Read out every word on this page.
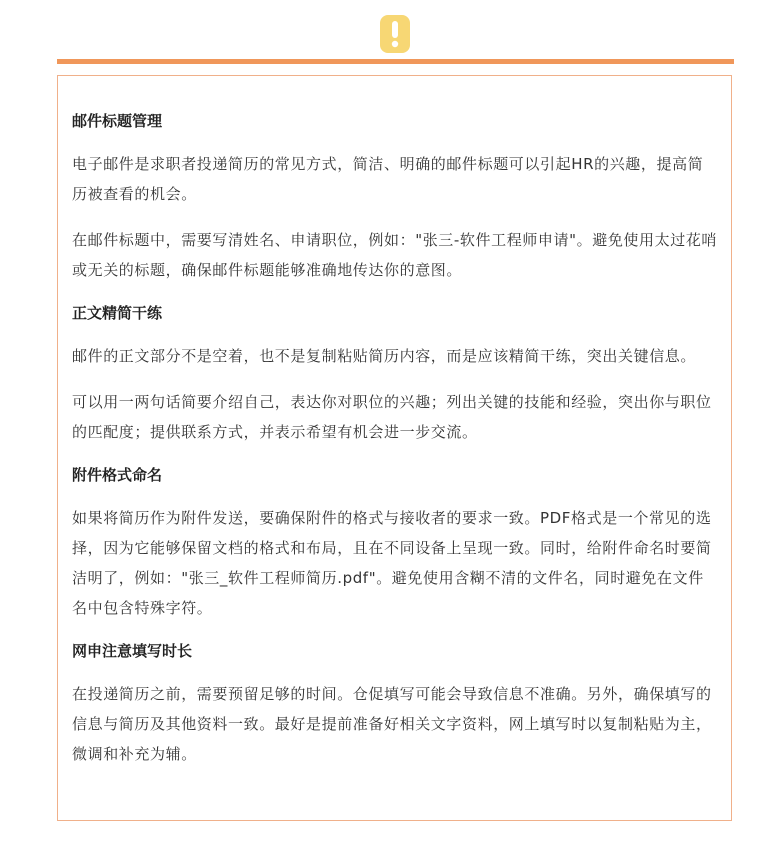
邮件标题管理

电子邮件是求职者投递简历的常见方式，简洁、明确的邮件标题可以引起HR的兴趣，提高简历被查看的机会。

在邮件标题中，需要写清姓名、申请职位，例如："张三-软件工程师申请"。避免使用太过花哨或无关的标题，确保邮件标题能够准确地传达你的意图。

正文精简干练

邮件的正文部分不是空着，也不是复制粘贴简历内容，而是应该精简干练，突出关键信息。

可以用一两句话简要介绍自己，表达你对职位的兴趣；列出关键的技能和经验，突出你与职位的匹配度；提供联系方式，并表示希望有机会进一步交流。

附件格式命名

如果将简历作为附件发送，要确保附件的格式与接收者的要求一致。PDF格式是一个常见的选择，因为它能够保留文档的格式和布局，且在不同设备上呈现一致。同时，给附件命名时要简洁明了，例如："张三_软件工程师简历.pdf"。避免使用含糊不清的文件名，同时避免在文件名中包含特殊字符。

网申注意填写时长

在投递简历之前，需要预留足够的时间。仓促填写可能会导致信息不准确。另外，确保填写的信息与简历及其他资料一致。最好是提前准备好相关文字资料，网上填写时以复制粘贴为主，微调和补充为辅。
